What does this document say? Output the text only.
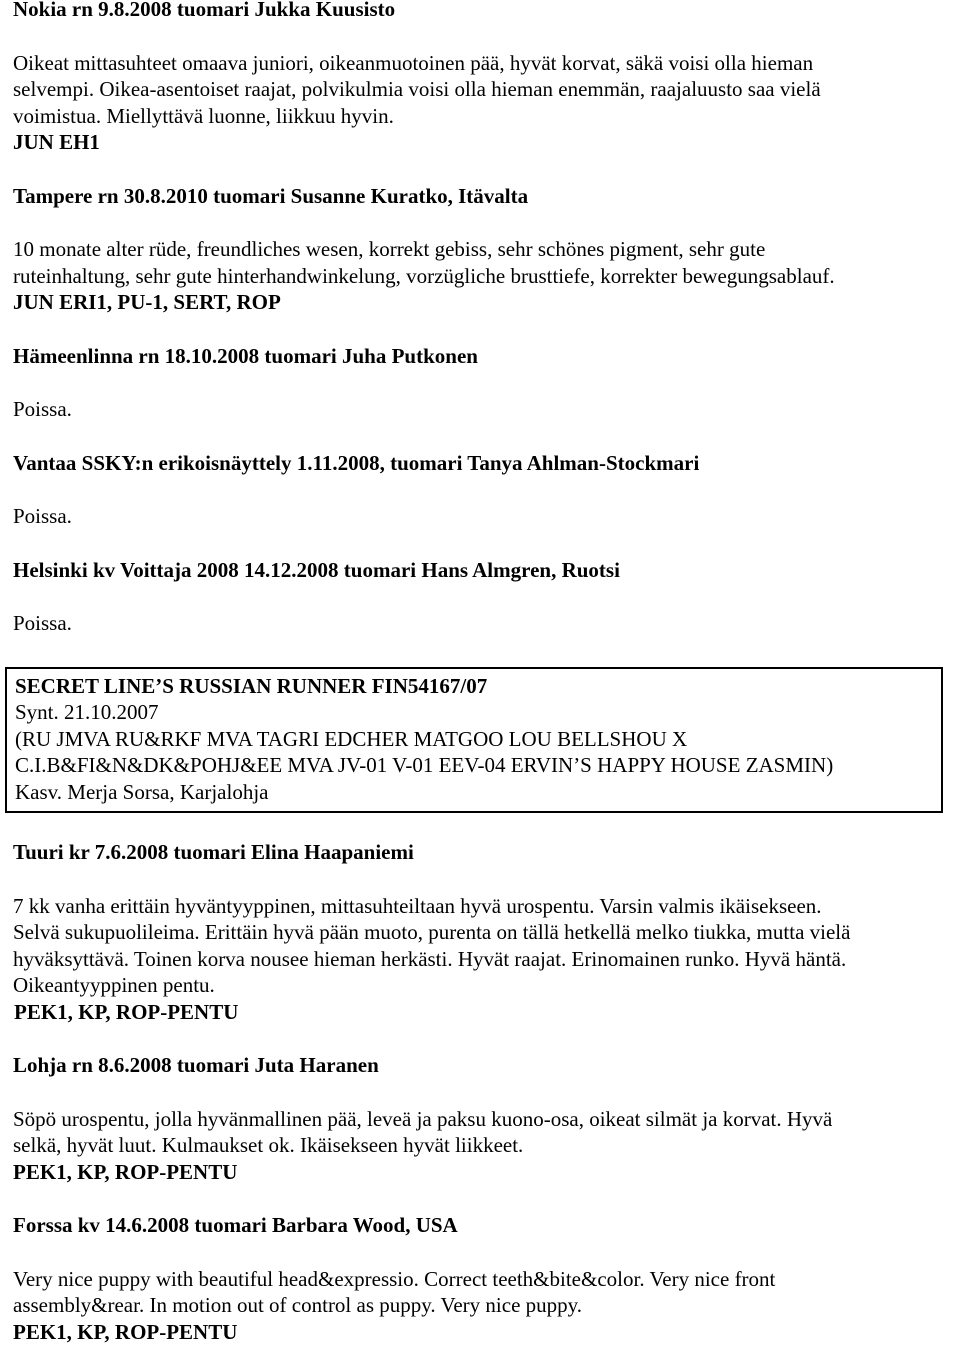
Nokia rn 9.8.2008 tuomari Jukka Kuusisto
Oikeat mittasuhteet omaava juniori, oikeanmuotoinen pää, hyvät korvat, säkä voisi olla hieman
selvempi. Oikea-asentoiset raajat, polvikulmia voisi olla hieman enemmän, raajaluusto saa vielä
voimistua. Miellyttävä luonne, liikkuu hyvin.
JUN EH1
Tampere rn 30.8.2010 tuomari Susanne Kuratko, Itävalta
10 monate alter rüde, freundliches wesen, korrekt gebiss, sehr schönes pigment, sehr gute
ruteinhaltung, sehr gute hinterhandwinkelung, vorzügliche brusttiefe, korrekter bewegungsablauf.
JUN ERI1, PU-1, SERT, ROP
Hämeenlinna rn 18.10.2008 tuomari Juha Putkonen
Poissa.
Vantaa SSKY:n erikoisnäyttely 1.11.2008, tuomari Tanya Ahlman-Stockmari
Poissa.
Helsinki kv Voittaja 2008 14.12.2008 tuomari Hans Almgren, Ruotsi
Poissa.
SECRET LINE’S RUSSIAN RUNNER FIN54167/07
Synt. 21.10.2007
(RU JMVA RU&RKF MVA TAGRI EDCHER MATGOO LOU BELLSHOU X
C.I.B&FI&N&DK&POHJ&EE MVA JV-01 V-01 EEV-04 ERVIN’S HAPPY HOUSE ZASMIN)
Kasv. Merja Sorsa, Karjalohja
Tuuri kr 7.6.2008 tuomari Elina Haapaniemi
7 kk vanha erittäin hyväntyyppinen, mittasuhteiltaan hyvä urospentu. Varsin valmis ikäisekseen.
Selvä sukupuolileima. Erittäin hyvä pään muoto, purenta on tällä hetkellä melko tiukka, mutta vielä
hyväksyttävä. Toinen korva nousee hieman herkästi. Hyvät raajat. Erinomainen runko. Hyvä häntä.
Oikeantyyppinen pentu.
PEK1, KP, ROP-PENTU
Lohja rn 8.6.2008 tuomari Juta Haranen
Söpö urospentu, jolla hyvänmallinen pää, leveä ja paksu kuono-osa, oikeat silmät ja korvat. Hyvä
selkä, hyvät luut. Kulmaukset ok. Ikäisekseen hyvät liikkeet.
PEK1, KP, ROP-PENTU
Forssa kv 14.6.2008 tuomari Barbara Wood, USA
Very nice puppy with beautiful head&expressio. Correct teeth&bite&color. Very nice front
assembly&rear. In motion out of control as puppy. Very nice puppy.
PEK1, KP, ROP-PENTU
